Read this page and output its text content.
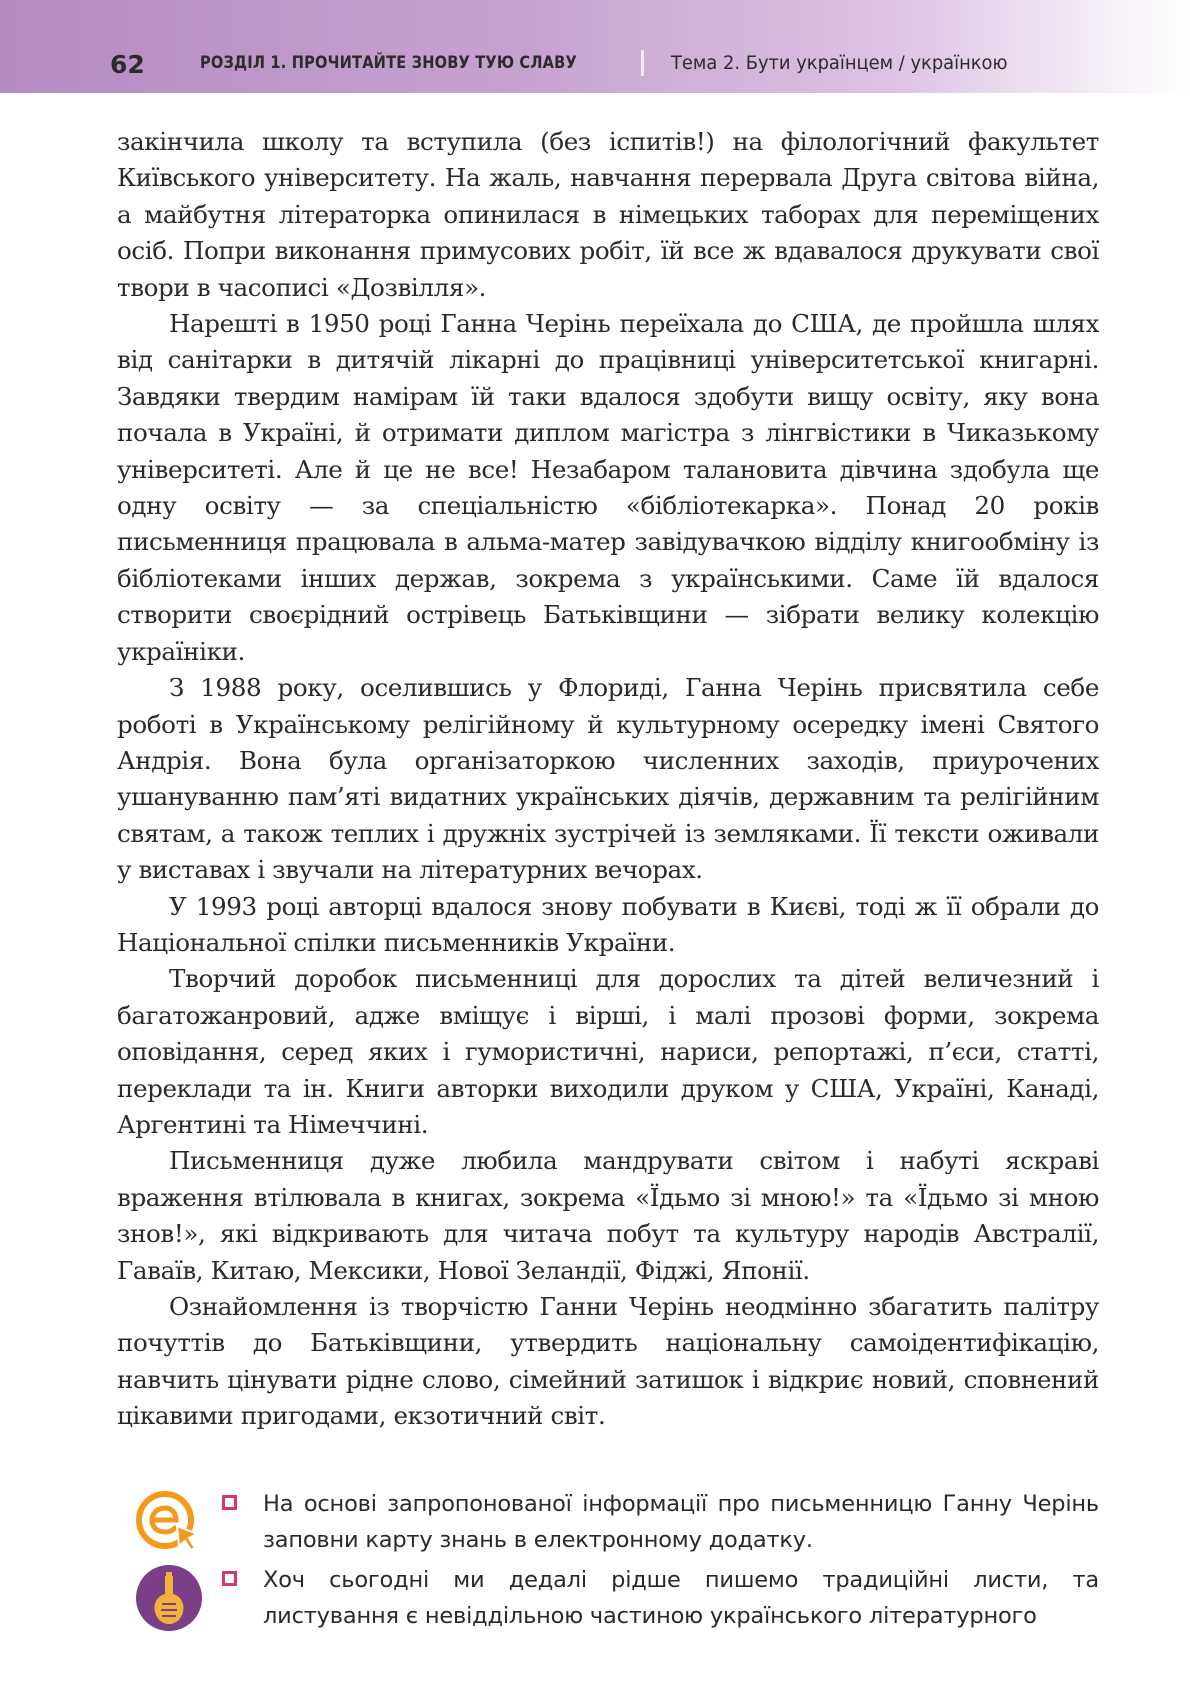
62	РОЗДІЛ 1. ПРОЧИТАЙТЕ ЗНОВУ ТУЮ СЛАВУ	Тема 2. Бути українцем / українкою

закінчила школу та вступила (без іспитів!) на філологічний факультет Київського університету. На жаль, навчання перервала Друга світова війна, а майбутня літераторка опинилася в німецьких таборах для переміщених осіб. Попри виконання примусових робіт, їй все ж вдавалося друкувати свої твори в часописі «Дозвілля».

Нарешті в 1950 році Ганна Черінь переїхала до США, де пройшла шлях від санітарки в дитячій лікарні до працівниці університетської книгарні. Завдяки твердим намірам їй таки вдалося здобути вищу освіту, яку вона почала в Україні, й отримати диплом магістра з лінгвістики в Чиказькому університеті. Але й це не все! Незабаром талановита дівчина здобула ще одну освіту — за спеціальністю «бібліотекарка». Понад 20 років письменниця працювала в альма-матер завідувачкою відділу книгообміну із бібліотеками інших держав, зокрема з українськими. Саме їй вдалося створити своєрідний острівець Батьківщини — зібрати велику колекцію україніки.

З 1988 року, оселившись у Флориді, Ганна Черінь присвятила себе роботі в Українському релігійному й культурному осередку імені Святого Андрія. Вона була організаторкою численних заходів, приурочених ушануванню пам’яті видатних українських діячів, державним та релігійним святам, а також теплих і дружніх зустрічей із земляками. Її тексти оживали у виставах і звучали на літературних вечорах.

У 1993 році авторці вдалося знову побувати в Києві, тоді ж її обрали до Національної спілки письменників України.

Творчий доробок письменниці для дорослих та дітей величезний і багатожанровий, адже вміщує і вірші, і малі прозові форми, зокрема оповідання, серед яких і гумористичні, нариси, репортажі, п’єси, статті, переклади та ін. Книги авторки виходили друком у США, Україні, Канаді, Аргентині та Німеччині.

Письменниця дуже любила мандрувати світом і набуті яскраві враження втілювала в книгах, зокрема «Їдьмо зі мною!» та «Їдьмо зі мною знов!», які відкривають для читача побут та культуру народів Австралії, Гаваїв, Китаю, Мексики, Нової Зеландії, Фіджі, Японії.

Ознайомлення із творчістю Ганни Черінь неодмінно збагатить палітру почуттів до Батьківщини, утвердить національну самоідентифікацію, навчить цінувати рідне слово, сімейний затишок і відкриє новий, сповнений цікавими пригодами, екзотичний світ.

На основі запропонованої інформації про письменницю Ганну Черінь заповни карту знань в електронному додатку.
Хоч сьогодні ми дедалі рідше пишемо традиційні листи, та листування є невіддільною частиною українського літературного
